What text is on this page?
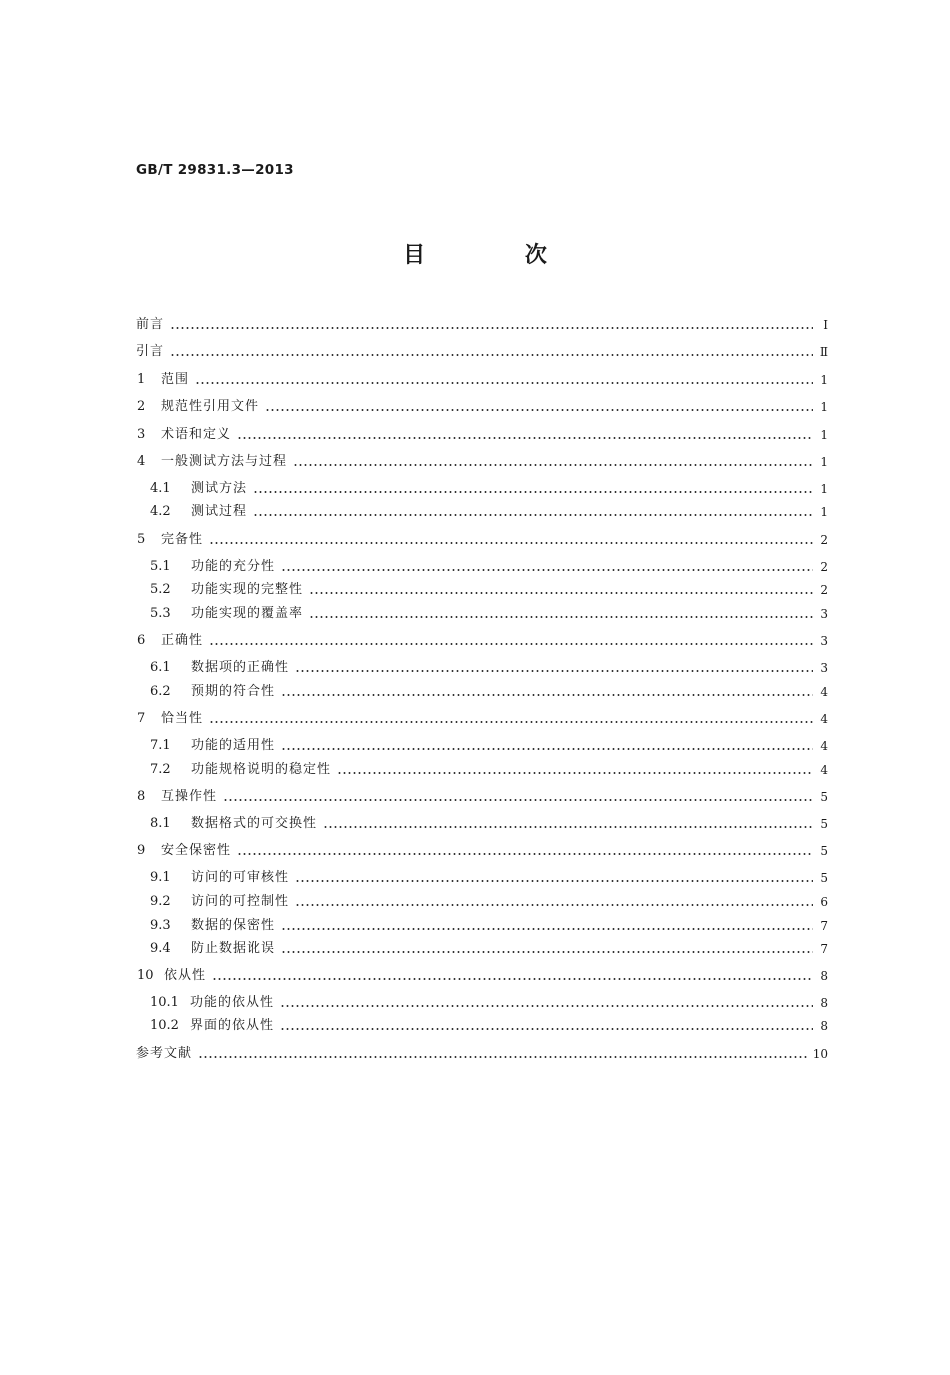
GB/T 29831.3—2013
目 次
前言	Ⅰ
引言	Ⅱ
1	范围	1
2	规范性引用文件	1
3	术语和定义	1
4	一般测试方法与过程	1
4.1	测试方法	1
4.2	测试过程	1
5	完备性	2
5.1	功能的充分性	2
5.2	功能实现的完整性	2
5.3	功能实现的覆盖率	3
6	正确性	3
6.1	数据项的正确性	3
6.2	预期的符合性	4
7	恰当性	4
7.1	功能的适用性	4
7.2	功能规格说明的稳定性	4
8	互操作性	5
8.1	数据格式的可交换性	5
9	安全保密性	5
9.1	访问的可审核性	5
9.2	访问的可控制性	6
9.3	数据的保密性	7
9.4	防止数据讹误	7
10 依从性	8
10.1 功能的依从性	8
10.2 界面的依从性	8
参考文献	10
